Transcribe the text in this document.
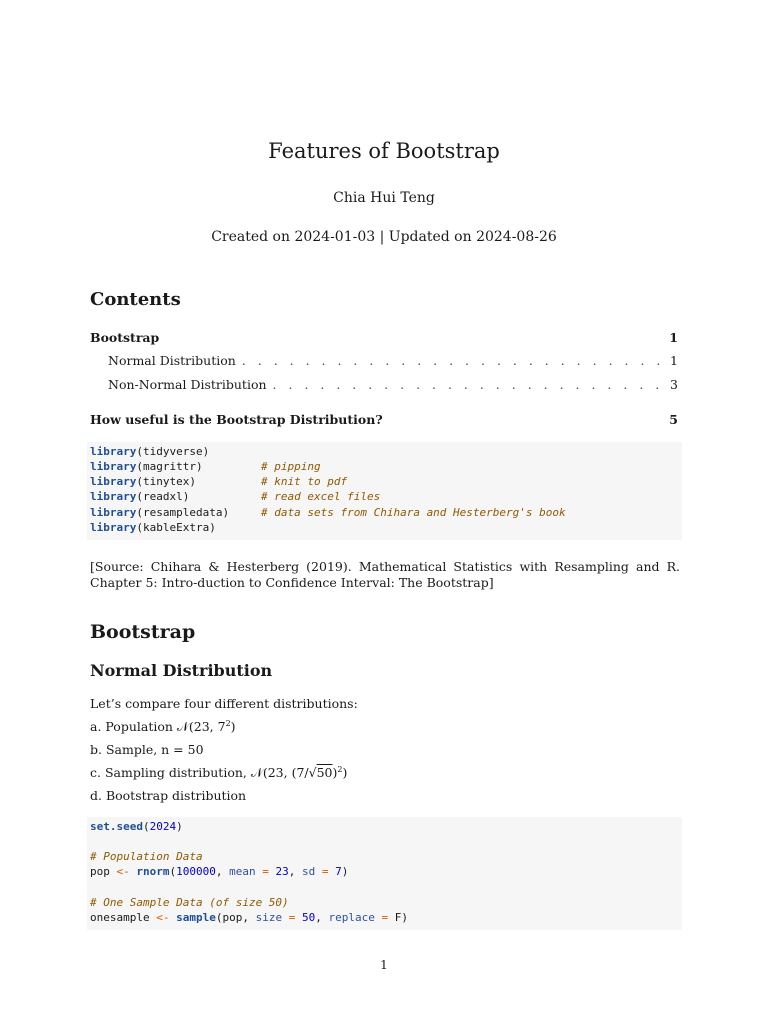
Features of Bootstrap
Chia Hui Teng
Created on 2024-01-03 | Updated on 2024-08-26
Contents
Bootstrap	1
Normal Distribution . . .	1
Non-Normal Distribution . . .	3
How useful is the Bootstrap Distribution?	5
library(tidyverse)
library(magrittr)
library(tinytex)
library(readxl)
library(resampledata)
library(kableExtra)
# pipping
# knit to pdf
# read excel files
# data sets from Chihara and Hesterberg's book
[Source: Chihara & Hesterberg (2019). Mathematical Statistics with Resampling and R. Chapter 5: Intro-duction to Confidence Interval: The Bootstrap]
Bootstrap
Normal Distribution
Let’s compare four different distributions:
a. Population 𝒩(23, $7^2$)
b. Sample, n = 50
c. Sampling distribution, 𝒩(23, $(7/√50)^2$)
d. Bootstrap distribution
set.seed(2024)
# Population Data
pop <- rnorm(100000, mean = 23, sd = 7)
# One Sample Data (of size 50)
onesample <- sample(pop, size = 50, replace = F)
1
